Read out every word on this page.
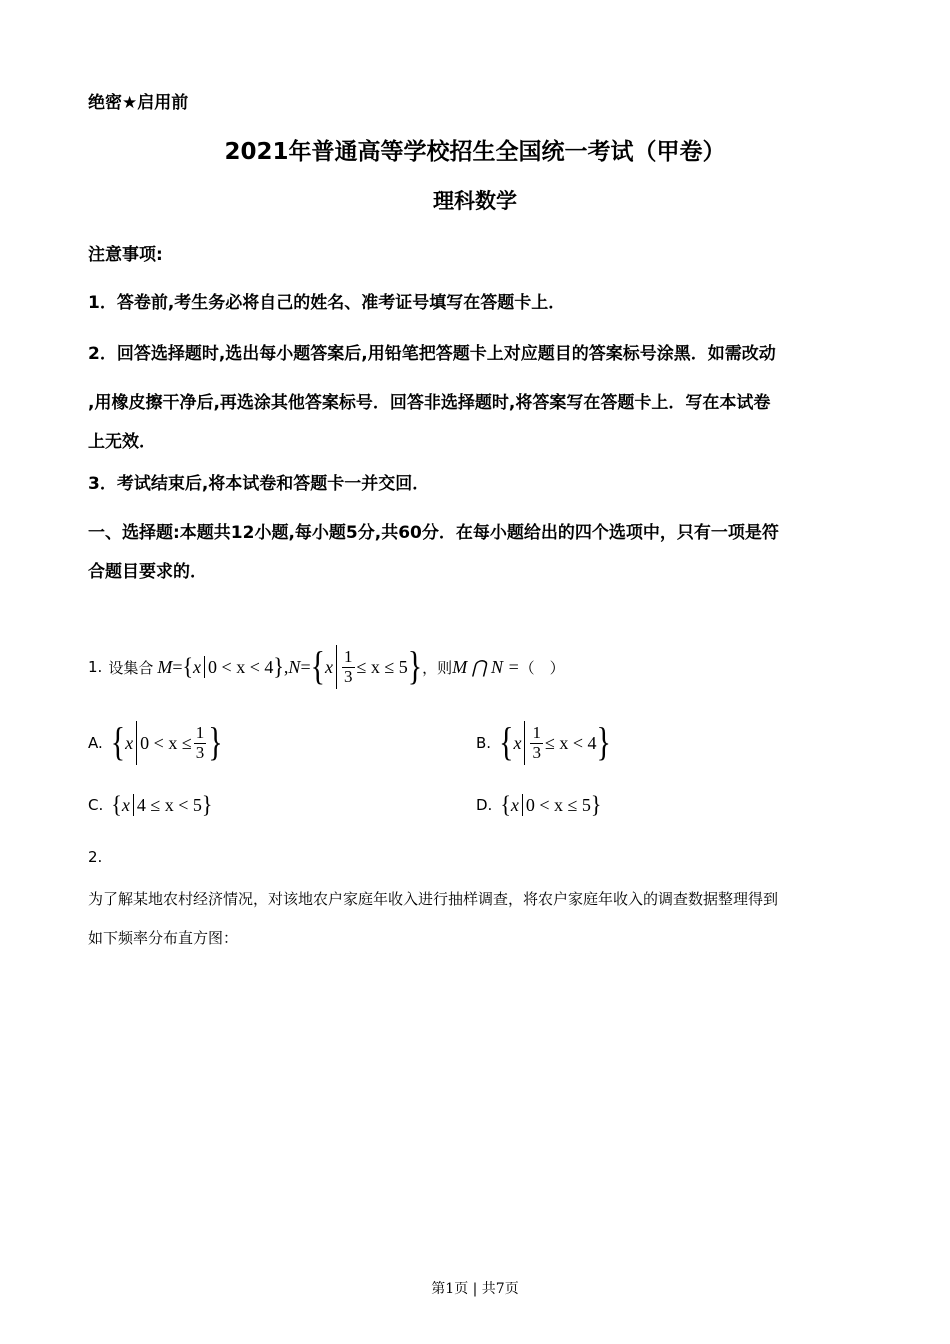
绝密★启用前
2021年普通高等学校招生全国统一考试（甲卷）
理科数学
注意事项:
1．答卷前,考生务必将自己的姓名、准考证号填写在答题卡上．
2．回答选择题时,选出每小题答案后,用铅笔把答题卡上对应题目的答案标号涂黑．如需改动
,用橡皮擦干净后,再选涂其他答案标号．回答非选择题时,将答案写在答题卡上．写在本试卷
上无效．
3．考试结束后,将本试卷和答题卡一并交回．
一、选择题:本题共12小题,每小题5分,共60分．在每小题给出的四个选项中，只有一项是符
合题目要求的．
1. 设集合 M = { x 0 < x < 4 } , N = { x $\frac{1}{3} \le x \le 5$ } ，则 M ⋂ N = （　）
A. { x $0 < x \le \frac{1}{3}$ }	B. { x $\frac{1}{3} \le x < 4$ }
C. { x 4 ≤ x < 5 }	D. { x 0 < x ≤ 5 }
2.
为了解某地农村经济情况，对该地农户家庭年收入进行抽样调查，将农户家庭年收入的调查数据整理得到
如下频率分布直方图：
第1页 | 共7页
